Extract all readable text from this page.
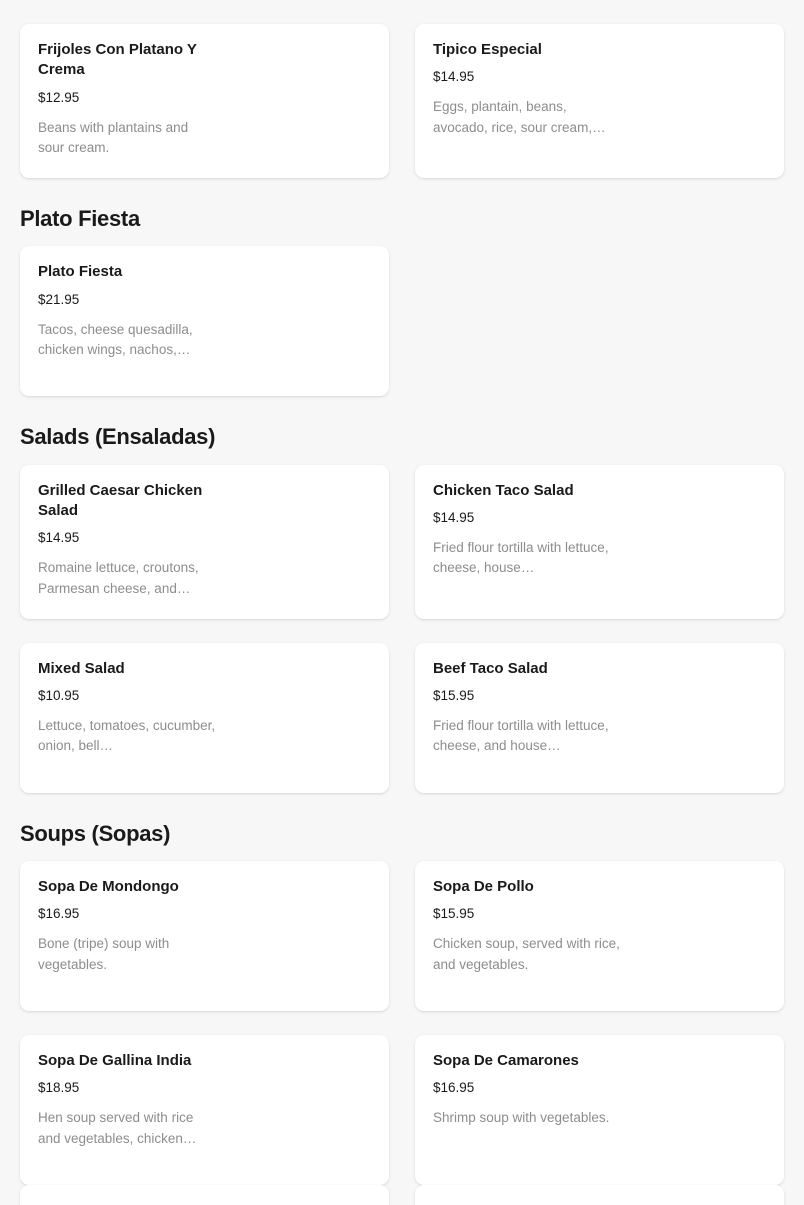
Frijoles Con Platano Y Crema
$12.95
Beans with plantains and sour cream.
Tipico Especial
$14.95
Eggs, plantain, beans, avocado, rice, sour cream,…
Plato Fiesta
Plato Fiesta
$21.95
Tacos, cheese quesadilla, chicken wings, nachos,…
Salads (Ensaladas)
Grilled Caesar Chicken Salad
$14.95
Romaine lettuce, croutons, Parmesan cheese, and…
Chicken Taco Salad
$14.95
Fried flour tortilla with lettuce, cheese, house…
Mixed Salad
$10.95
Lettuce, tomatoes, cucumber, onion, bell…
Beef Taco Salad
$15.95
Fried flour tortilla with lettuce, cheese, and house…
Soups (Sopas)
Sopa De Mondongo
$16.95
Bone (tripe) soup with vegetables.
Sopa De Pollo
$15.95
Chicken soup, served with rice, and vegetables.
Sopa De Gallina India
$18.95
Hen soup served with rice and vegetables, chicken…
Sopa De Camarones
$16.95
Shrimp soup with vegetables.
